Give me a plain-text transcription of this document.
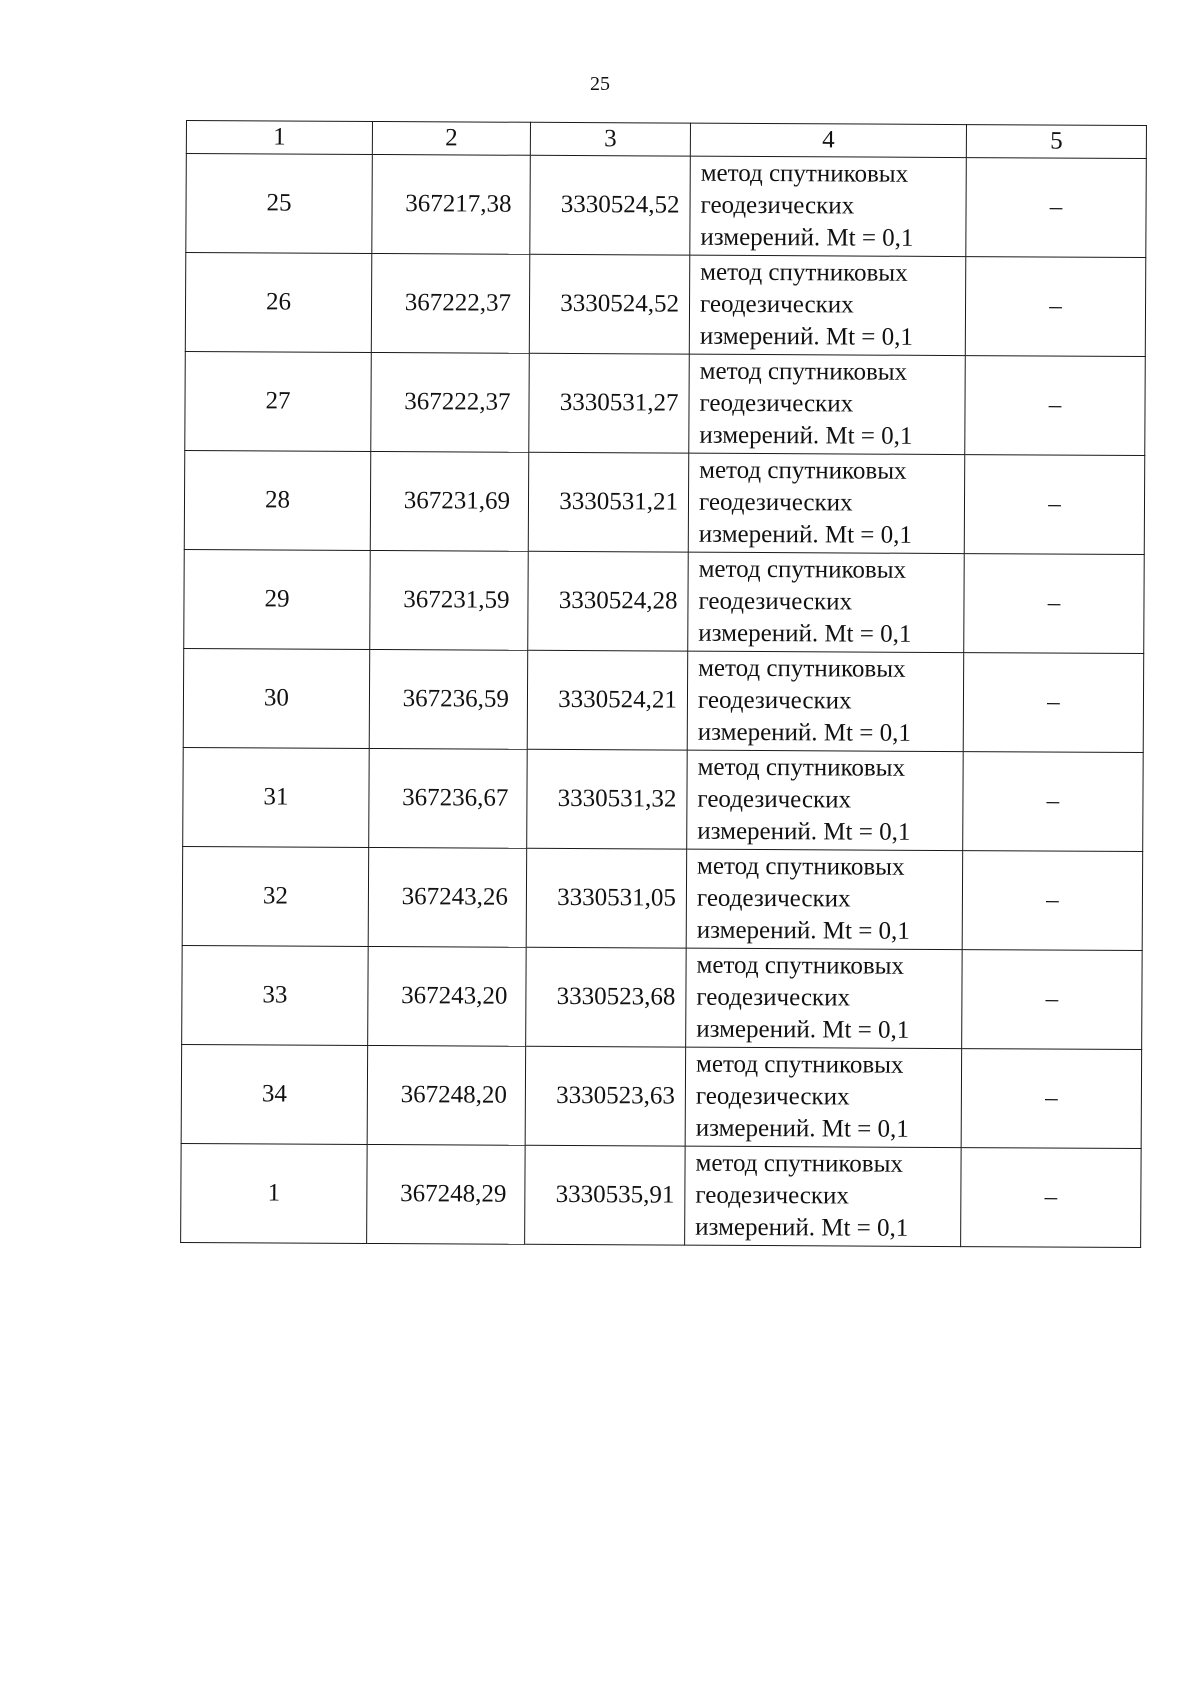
25
1	2	3	4	5
25	367217,38	3330524,52	метод спутниковых
геодезических
измерений. Mt = 0,1	–
26	367222,37	3330524,52	метод спутниковых
геодезических
измерений. Mt = 0,1	–
27	367222,37	3330531,27	метод спутниковых
геодезических
измерений. Mt = 0,1	–
28	367231,69	3330531,21	метод спутниковых
геодезических
измерений. Mt = 0,1	–
29	367231,59	3330524,28	метод спутниковых
геодезических
измерений. Mt = 0,1	–
30	367236,59	3330524,21	метод спутниковых
геодезических
измерений. Mt = 0,1	–
31	367236,67	3330531,32	метод спутниковых
геодезических
измерений. Mt = 0,1	–
32	367243,26	3330531,05	метод спутниковых
геодезических
измерений. Mt = 0,1	–
33	367243,20	3330523,68	метод спутниковых
геодезических
измерений. Mt = 0,1	–
34	367248,20	3330523,63	метод спутниковых
геодезических
измерений. Mt = 0,1	–
1	367248,29	3330535,91	метод спутниковых
геодезических
измерений. Mt = 0,1	–
